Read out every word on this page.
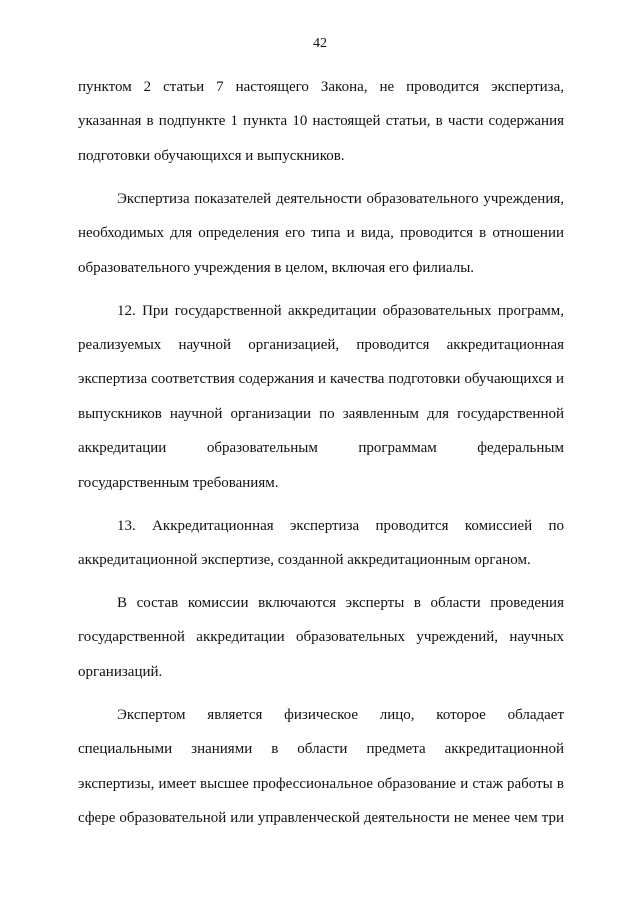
42

пунктом 2 статьи 7 настоящего Закона, не проводится экспертиза, указанная в подпункте 1 пункта 10 настоящей статьи, в части содержания подготовки обучающихся и выпускников.

Экспертиза показателей деятельности образовательного учреждения, необходимых для определения его типа и вида, проводится в отношении образовательного учреждения в целом, включая его филиалы.

12. При государственной аккредитации образовательных программ, реализуемых научной организацией, проводится аккредитационная экспертиза соответствия содержания и качества подготовки обучающихся и выпускников научной организации по заявленным для государственной аккредитации образовательным программам федеральным государственным требованиям.

13. Аккредитационная экспертиза проводится комиссией по аккредитационной экспертизе, созданной аккредитационным органом.

В состав комиссии включаются эксперты в области проведения государственной аккредитации образовательных учреждений, научных организаций.

Экспертом является физическое лицо, которое обладает специальными знаниями в области предмета аккредитационной экспертизы, имеет высшее профессиональное образование и стаж работы в сфере образовательной или управленческой деятельности не менее чем три
